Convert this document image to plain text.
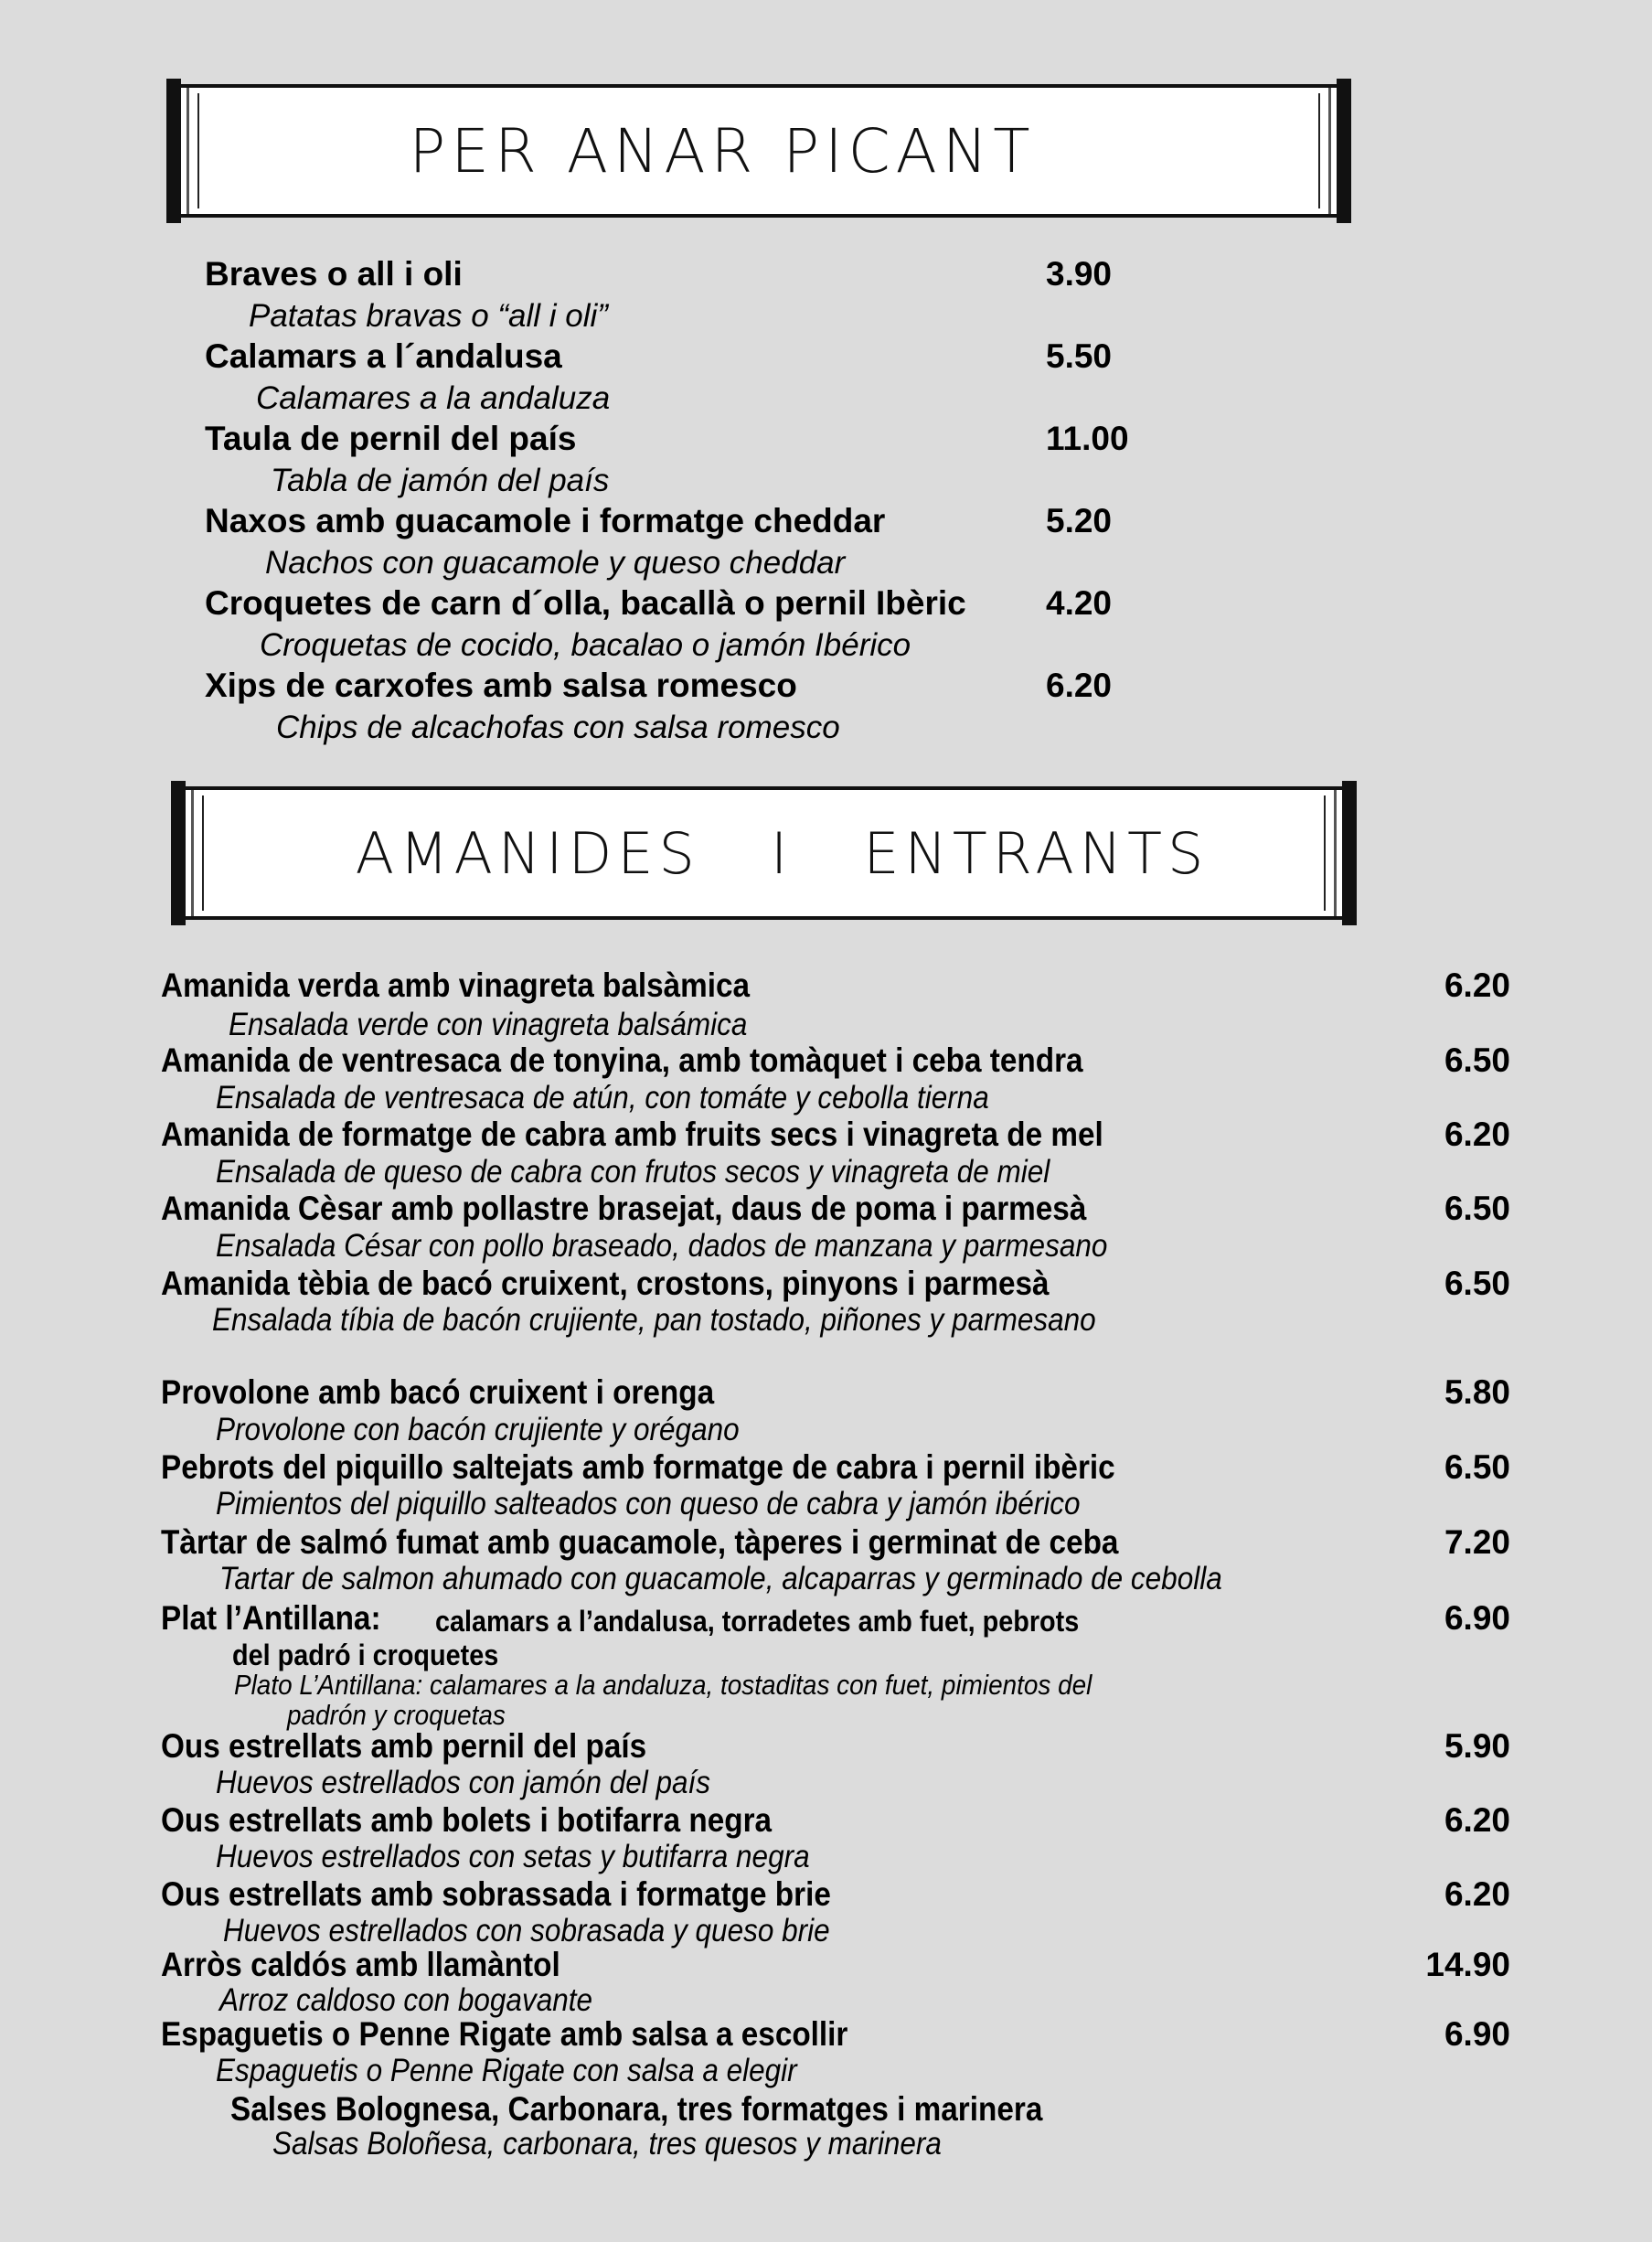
PER ANAR PICANT
Braves o all i oli	3.90
Patatas bravas o “all i oli”
Calamars a l´andalusa	5.50
Calamares a la andaluza
Taula de pernil del país	11.00
Tabla de jamón del país
Naxos amb guacamole i formatge cheddar	5.20
Nachos con guacamole y queso cheddar
Croquetes de carn d´olla, bacallà o pernil Ibèric 4.20
Croquetas de cocido, bacalao o jamón Ibérico
Xips de carxofes amb salsa romesco	6.20
Chips de alcachofas con salsa romesco
AMANIDES   I   ENTRANTS
Amanida verda amb vinagreta balsàmica	6.20
Ensalada verde con vinagreta balsámica
Amanida de ventresaca de tonyina, amb tomàquet i ceba tendra	6.50
Ensalada de ventresaca de atún, con tomáte y cebolla tierna
Amanida de formatge de cabra amb fruits secs i vinagreta de mel	6.20
Ensalada de queso de cabra con frutos secos y vinagreta de miel
Amanida Cèsar amb pollastre brasejat, daus de poma i parmesà	6.50
Ensalada César con pollo braseado, dados de manzana y parmesano
Amanida tèbia de bacó cruixent, crostons, pinyons i parmesà	6.50
Ensalada tíbia de bacón crujiente, pan tostado, piñones y parmesano
Provolone amb bacó cruixent i orenga	5.80
Provolone con bacón crujiente y orégano
Pebrots del piquillo saltejats amb formatge de cabra i pernil ibèric	6.50
Pimientos del piquillo salteados con queso de cabra y jamón ibérico
Tàrtar de salmó fumat amb guacamole, tàperes i germinat de ceba	7.20
Tartar de salmon ahumado con guacamole, alcaparras y germinado de cebolla
Plat l’Antillana: calamars a l’andalusa, torradetes amb fuet, pebrots	6.90
del padró i croquetes
Plato L’Antillana: calamares a la andaluza, tostaditas con fuet, pimientos del
padrón y croquetas
Ous estrellats amb pernil del país	5.90
Huevos estrellados con jamón del país
Ous estrellats amb bolets i botifarra negra	6.20
Huevos estrellados con setas y butifarra negra
Ous estrellats amb sobrassada i formatge brie	6.20
Huevos estrellados con sobrasada y queso brie
Arròs caldós amb llamàntol	14.90
Arroz caldoso con bogavante
Espaguetis o Penne Rigate amb salsa a escollir	6.90
Espaguetis o Penne Rigate con salsa a elegir
Salses Bolognesa, Carbonara, tres formatges i marinera
Salsas Boloñesa, carbonara, tres quesos y marinera
